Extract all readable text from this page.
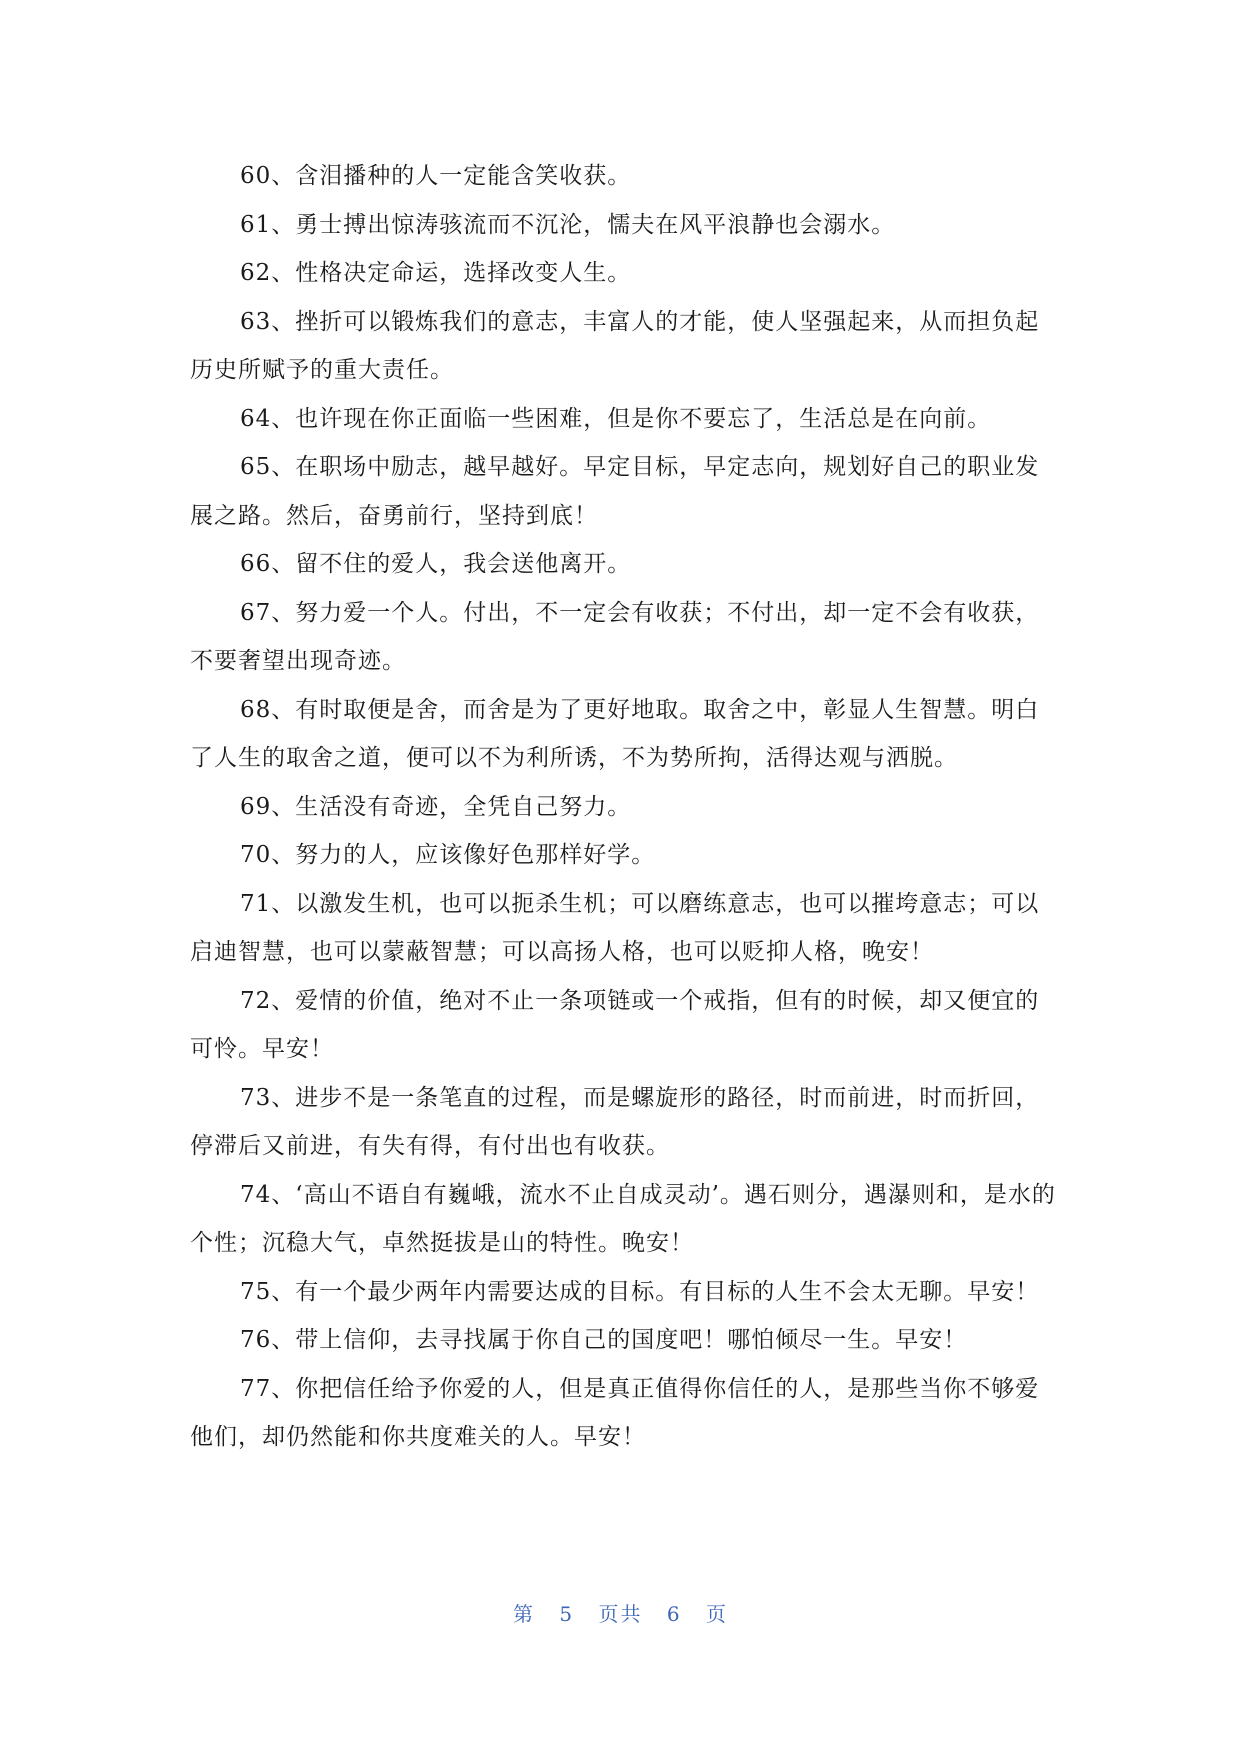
60、含泪播种的人一定能含笑收获。

61、勇士搏出惊涛骇流而不沉沦，懦夫在风平浪静也会溺水。

62、性格决定命运，选择改变人生。

63、挫折可以锻炼我们的意志，丰富人的才能，使人坚强起来，从而担负起历史所赋予的重大责任。

64、也许现在你正面临一些困难，但是你不要忘了，生活总是在向前。

65、在职场中励志，越早越好。早定目标，早定志向，规划好自己的职业发展之路。然后，奋勇前行，坚持到底！

66、留不住的爱人，我会送他离开。

67、努力爱一个人。付出，不一定会有收获；不付出，却一定不会有收获，不要奢望出现奇迹。

68、有时取便是舍，而舍是为了更好地取。取舍之中，彰显人生智慧。明白了人生的取舍之道，便可以不为利所诱，不为势所拘，活得达观与洒脱。

69、生活没有奇迹，全凭自己努力。

70、努力的人，应该像好色那样好学。

71、以激发生机，也可以扼杀生机；可以磨练意志，也可以摧垮意志；可以启迪智慧，也可以蒙蔽智慧；可以高扬人格，也可以贬抑人格，晚安！

72、爱情的价值，绝对不止一条项链或一个戒指，但有的时候，却又便宜的可怜。早安！

73、进步不是一条笔直的过程，而是螺旋形的路径，时而前进，时而折回，停滞后又前进，有失有得，有付出也有收获。

74、‘高山不语自有巍峨，流水不止自成灵动’。遇石则分，遇瀑则和，是水的个性；沉稳大气，卓然挺拔是山的特性。晚安！

75、有一个最少两年内需要达成的目标。有目标的人生不会太无聊。早安！

76、带上信仰，去寻找属于你自己的国度吧！哪怕倾尽一生。早安！

77、你把信任给予你爱的人，但是真正值得你信任的人，是那些当你不够爱他们，却仍然能和你共度难关的人。早安！

第 5 页共 6 页
